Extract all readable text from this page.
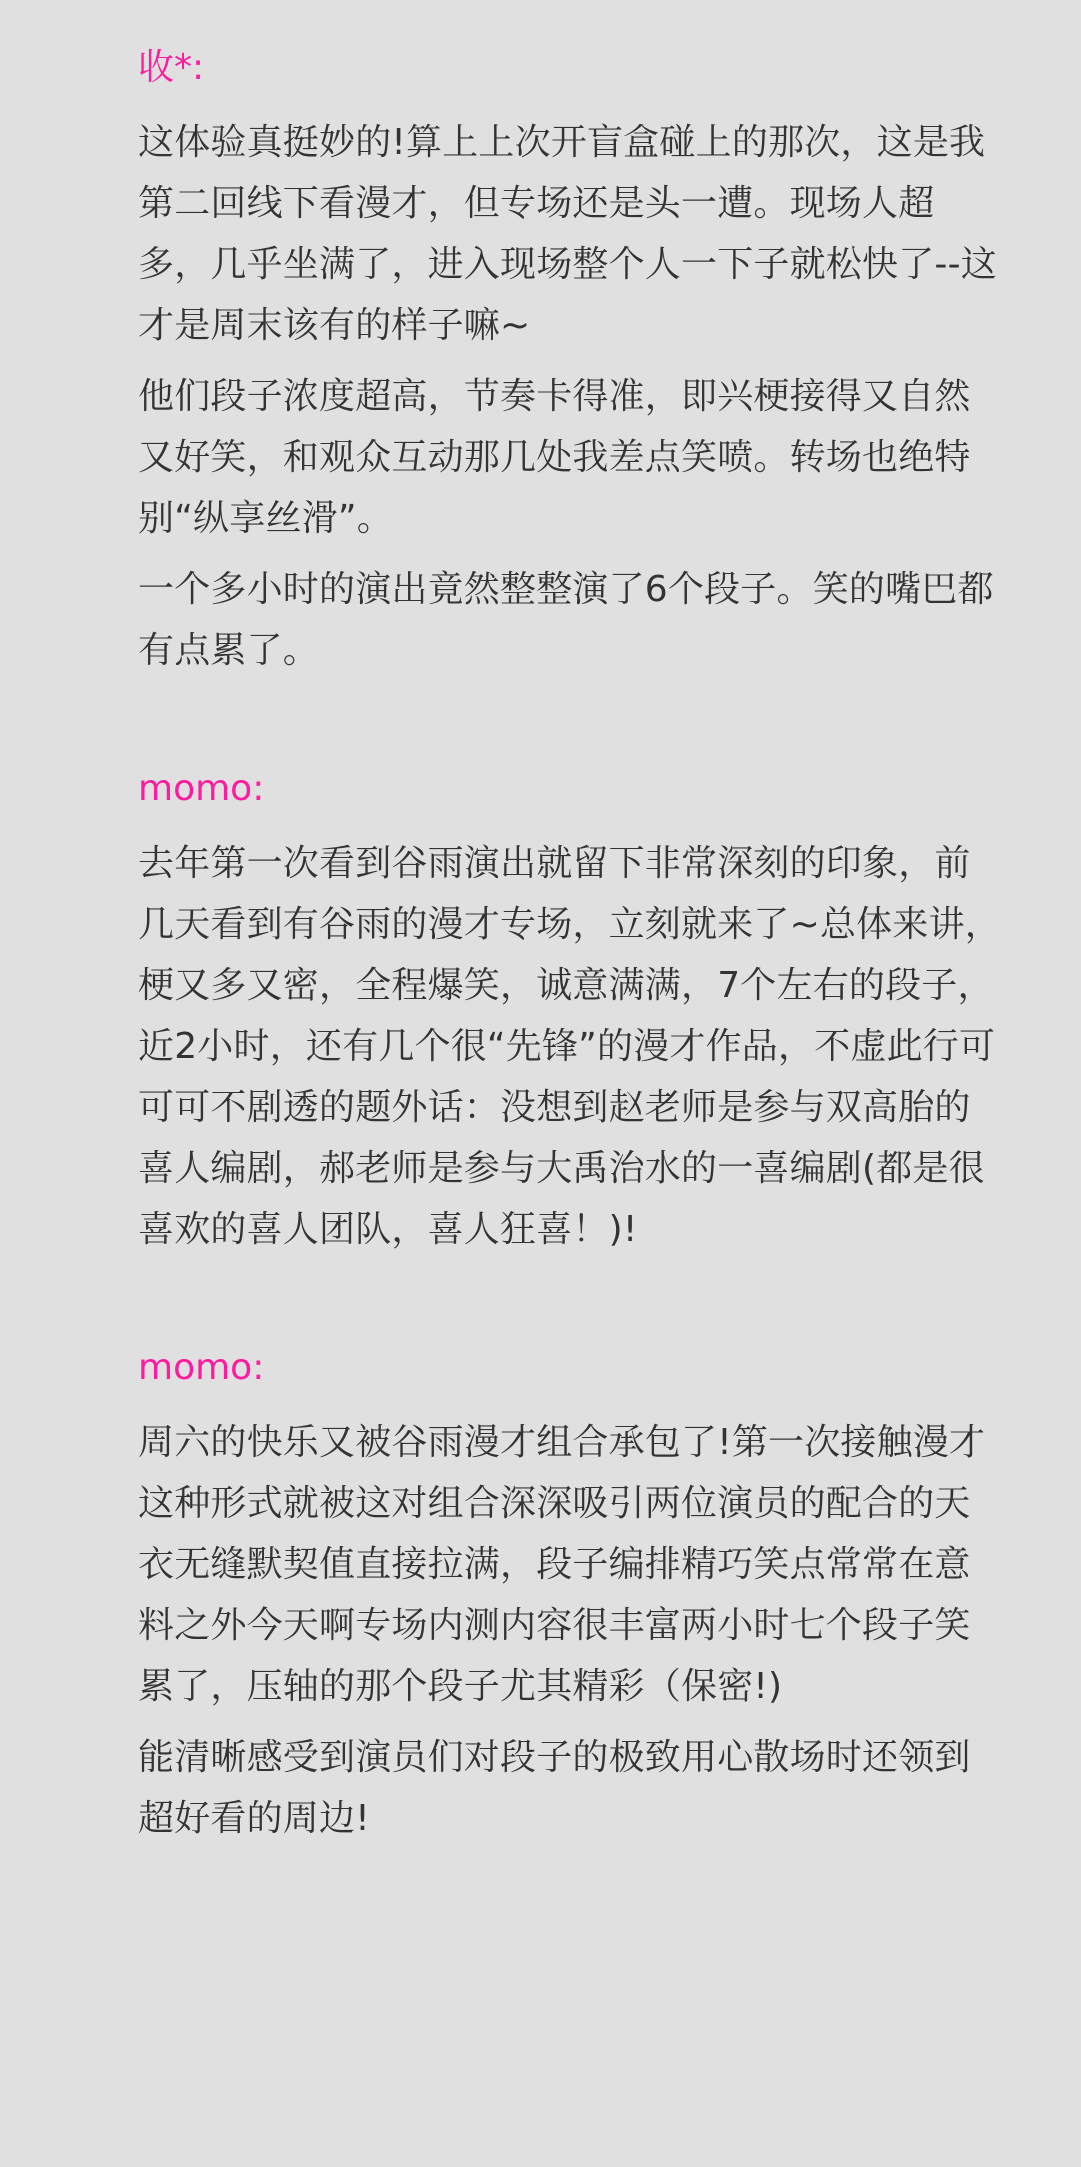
收*:

这体验真挺妙的!算上上次开盲盒碰上的那次，这是我第二回线下看漫才，但专场还是头一遭。现场人超多，几乎坐满了，进入现场整个人一下子就松快了--这才是周末该有的样子嘛~

他们段子浓度超高，节奏卡得准，即兴梗接得又自然又好笑，和观众互动那几处我差点笑喷。转场也绝特别“纵享丝滑”。

一个多小时的演出竟然整整演了6个段子。笑的嘴巴都有点累了。

momo:

去年第一次看到谷雨演出就留下非常深刻的印象，前几天看到有谷雨的漫才专场，立刻就来了~总体来讲，梗又多又密，全程爆笑，诚意满满，7个左右的段子，近2小时，还有几个很“先锋”的漫才作品，不虚此行可可可不剧透的题外话：没想到赵老师是参与双高胎的喜人编剧，郝老师是参与大禹治水的一喜编剧(都是很喜欢的喜人团队，喜人狂喜！)!

momo:

周六的快乐又被谷雨漫才组合承包了!第一次接触漫才这种形式就被这对组合深深吸引两位演员的配合的天衣无缝默契值直接拉满，段子编排精巧笑点常常在意料之外今天啊专场内测内容很丰富两小时七个段子笑累了，压轴的那个段子尤其精彩（保密!)

能清晰感受到演员们对段子的极致用心散场时还领到超好看的周边!
